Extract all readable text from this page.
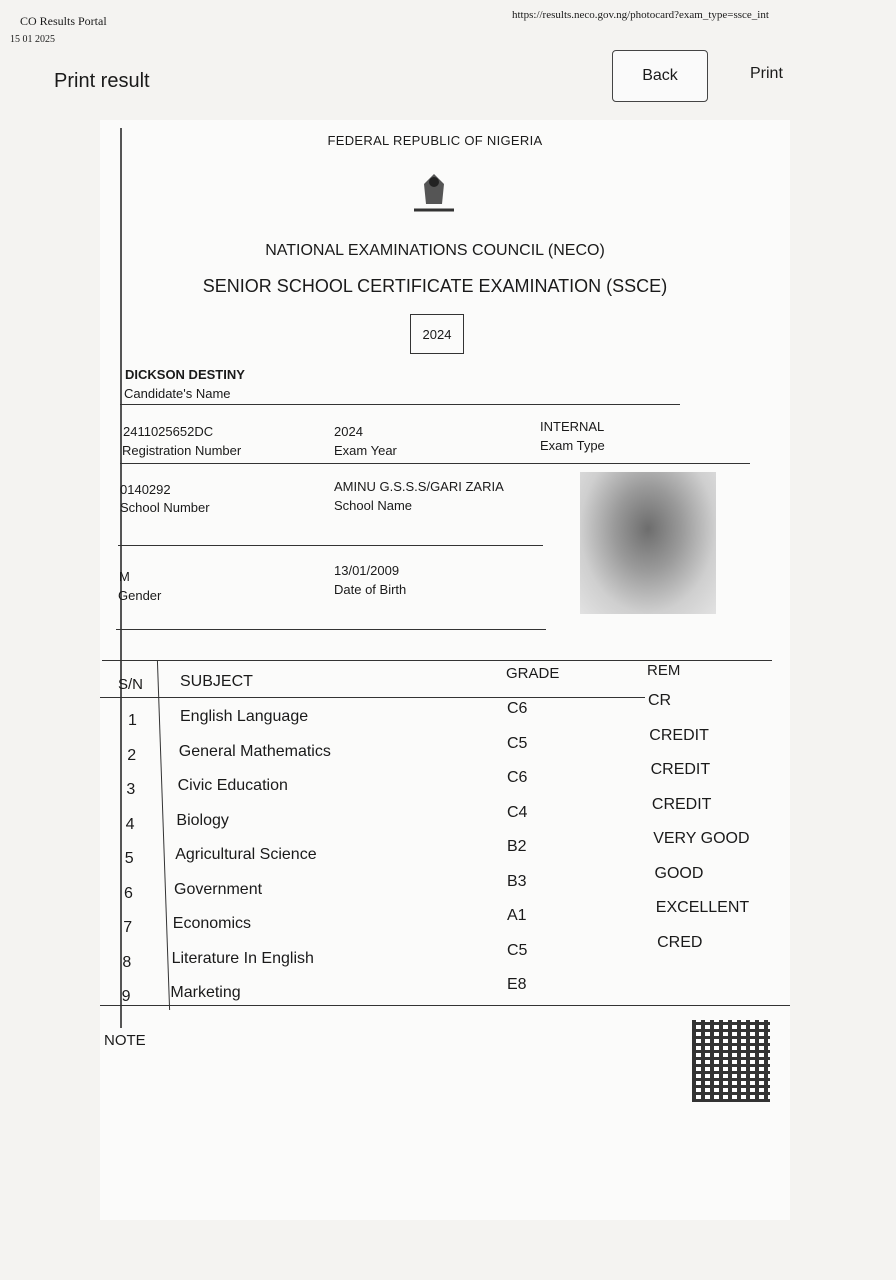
CO Results Portal
15 01 2025
https://results.neco.gov.ng/photocard?exam_type=ssce_int
Print result	Back	Print
FEDERAL REPUBLIC OF NIGERIA
NATIONAL EXAMINATIONS COUNCIL (NECO)
SENIOR SCHOOL CERTIFICATE EXAMINATION (SSCE)
2024
DICKSON DESTINY
Candidate's Name
2411025652DC
Registration Number
2024
Exam Year
INTERNAL
Exam Type
0140292
School Number
AMINU G.S.S.S/GARI ZARIA
School Name
M
Gender
13/01/2009
Date of Birth
S/N SUBJECT	GRADE	REM
1	English Language	C6	CR
2	General Mathematics	C5	CREDIT
3	Civic Education	C6	CREDIT
4	Biology	C4	CREDIT
5	Agricultural Science	B2	VERY GOOD
6	Government	B3	GOOD
7	Economics	A1	EXCELLENT
8	Literature In English	C5	CRED
9 Marketing	E8
NOTE
